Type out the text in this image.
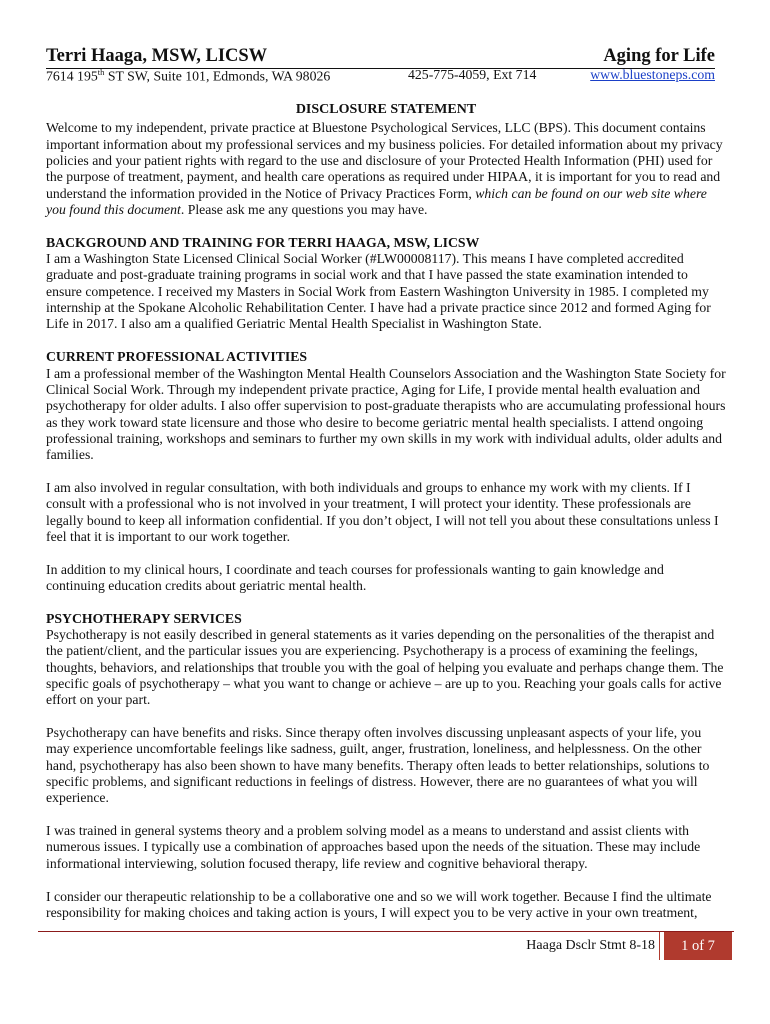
Terri Haaga, MSW, LICSW	Aging for Life
7614 195th ST SW, Suite 101, Edmonds, WA 98026	425-775-4059, Ext 714	www.bluestoneps.com
DISCLOSURE STATEMENT

Welcome to my independent, private practice at Bluestone Psychological Services, LLC (BPS). This document contains important information about my professional services and my business policies. For detailed information about my privacy policies and your patient rights with regard to the use and disclosure of your Protected Health Information (PHI) used for the purpose of treatment, payment, and health care operations as required under HIPAA, it is important for you to read and understand the information provided in the Notice of Privacy Practices Form, which can be found on our web site where you found this document. Please ask me any questions you may have.

BACKGROUND AND TRAINING FOR TERRI HAAGA, MSW, LICSW

I am a Washington State Licensed Clinical Social Worker (#LW00008117). This means I have completed accredited graduate and post-graduate training programs in social work and that I have passed the state examination intended to ensure competence. I received my Masters in Social Work from Eastern Washington University in 1985. I completed my internship at the Spokane Alcoholic Rehabilitation Center. I have had a private practice since 2012 and formed Aging for Life in 2017. I also am a qualified Geriatric Mental Health Specialist in Washington State.

CURRENT PROFESSIONAL ACTIVITIES

I am a professional member of the Washington Mental Health Counselors Association and the Washington State Society for Clinical Social Work. Through my independent private practice, Aging for Life, I provide mental health evaluation and psychotherapy for older adults. I also offer supervision to post-graduate therapists who are accumulating professional hours as they work toward state licensure and those who desire to become geriatric mental health specialists. I attend ongoing professional training, workshops and seminars to further my own skills in my work with individual adults, older adults and families.

I am also involved in regular consultation, with both individuals and groups to enhance my work with my clients. If I consult with a professional who is not involved in your treatment, I will protect your identity. These professionals are legally bound to keep all information confidential. If you don’t object, I will not tell you about these consultations unless I feel that it is important to our work together.

In addition to my clinical hours, I coordinate and teach courses for professionals wanting to gain knowledge and continuing education credits about geriatric mental health.

PSYCHOTHERAPY SERVICES

Psychotherapy is not easily described in general statements as it varies depending on the personalities of the therapist and the patient/client, and the particular issues you are experiencing. Psychotherapy is a process of examining the feelings, thoughts, behaviors, and relationships that trouble you with the goal of helping you evaluate and perhaps change them. The specific goals of psychotherapy – what you want to change or achieve – are up to you. Reaching your goals calls for active effort on your part.

Psychotherapy can have benefits and risks. Since therapy often involves discussing unpleasant aspects of your life, you may experience uncomfortable feelings like sadness, guilt, anger, frustration, loneliness, and helplessness. On the other hand, psychotherapy has also been shown to have many benefits. Therapy often leads to better relationships, solutions to specific problems, and significant reductions in feelings of distress. However, there are no guarantees of what you will experience.

I was trained in general systems theory and a problem solving model as a means to understand and assist clients with numerous issues. I typically use a combination of approaches based upon the needs of the situation. These may include informational interviewing, solution focused therapy, life review and cognitive behavioral therapy.

I consider our therapeutic relationship to be a collaborative one and so we will work together. Because I find the ultimate responsibility for making choices and taking action is yours, I will expect you to be very active in your own treatment,

Haaga Dsclr Stmt 8-18	1 of 7
